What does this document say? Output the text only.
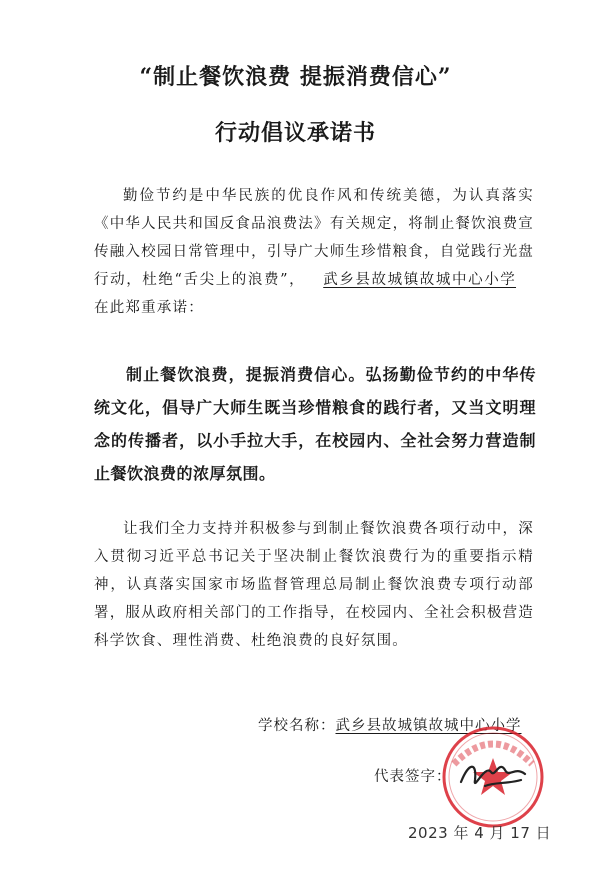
“制止餐饮浪费 提振消费信心”
行动倡议承诺书

勤俭节约是中华民族的优良作风和传统美德，为认真落实《中华人民共和国反食品浪费法》有关规定，将制止餐饮浪费宣传融入校园日常管理中，引导广大师生珍惜粮食，自觉践行光盘行动，杜绝“舌尖上的浪费”， 武乡县故城镇故城中心小学在此郑重承诺：

制止餐饮浪费，提振消费信心。弘扬勤俭节约的中华传统文化，倡导广大师生既当珍惜粮食的践行者，又当文明理念的传播者，以小手拉大手，在校园内、全社会努力营造制止餐饮浪费的浓厚氛围。

让我们全力支持并积极参与到制止餐饮浪费各项行动中，深入贯彻习近平总书记关于坚决制止餐饮浪费行为的重要指示精神，认真落实国家市场监督管理总局制止餐饮浪费专项行动部署，服从政府相关部门的工作指导，在校园内、全社会积极营造科学饮食、理性消费、杜绝浪费的良好氛围。

学校名称：武乡县故城镇故城中心小学
代表签字：
2023 年 4 月 17 日
